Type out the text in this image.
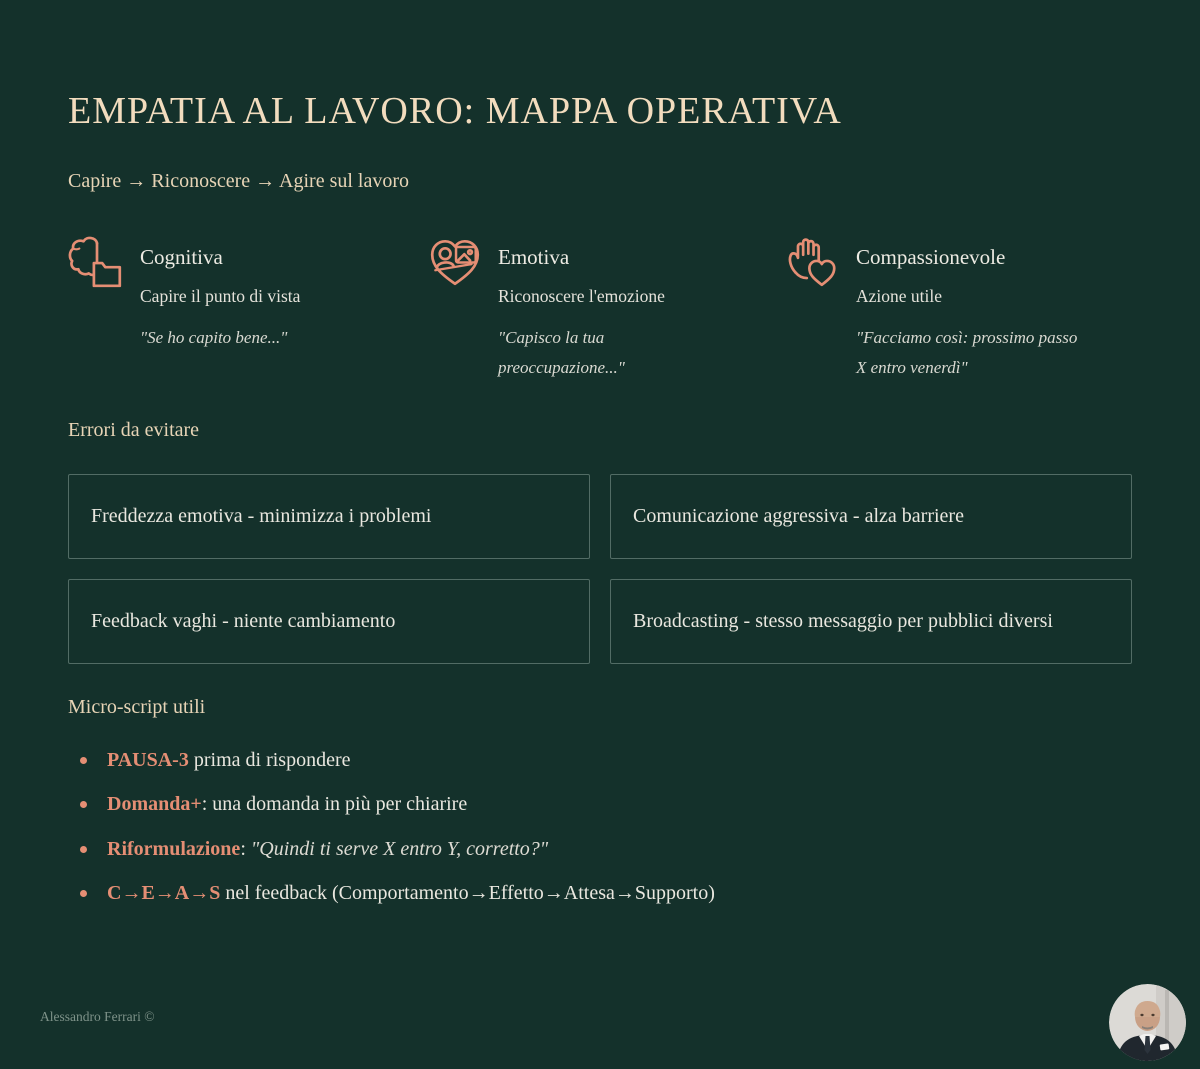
EMPATIA AL LAVORO: MAPPA OPERATIVA
Capire → Riconoscere → Agire sul lavoro
Cognitiva
Capire il punto di vista
"Se ho capito bene..."
Emotiva
Riconoscere l'emozione
"Capisco la tua preoccupazione..."
Compassionevole
Azione utile
"Facciamo così: prossimo passo X entro venerdì"
Errori da evitare
Freddezza emotiva - minimizza i problemi	Comunicazione aggressiva - alza barriere
Feedback vaghi - niente cambiamento	Broadcasting - stesso messaggio per pubblici diversi
Micro-script utili
PAUSA-3 prima di rispondere
Domanda+: una domanda in più per chiarire
Riformulazione: "Quindi ti serve X entro Y, corretto?"
C→E→A→S nel feedback (Comportamento→Effetto→Attesa→Supporto)
Alessandro Ferrari ©
